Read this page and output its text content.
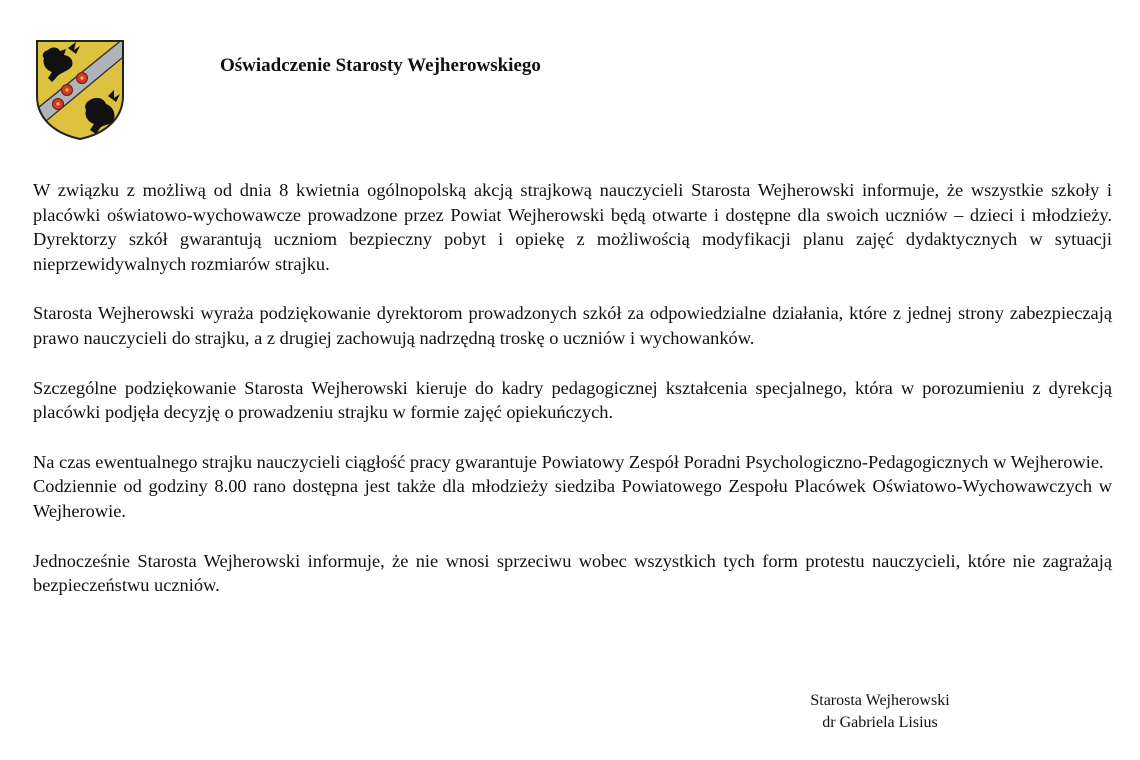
Oświadczenie Starosty Wejherowskiego

W związku z możliwą od dnia 8 kwietnia ogólnopolską akcją strajkową nauczycieli Starosta Wejherowski informuje, że wszystkie szkoły i placówki oświatowo-wychowawcze prowadzone przez Powiat Wejherowski będą otwarte i dostępne dla swoich uczniów – dzieci i młodzieży. Dyrektorzy szkół gwarantują uczniom bezpieczny pobyt i opiekę z możliwością modyfikacji planu zajęć dydaktycznych w sytuacji nieprzewidywalnych rozmiarów strajku.

Starosta Wejherowski wyraża podziękowanie dyrektorom prowadzonych szkół za odpowiedzialne działania, które z jednej strony zabezpieczają prawo nauczycieli do strajku, a z drugiej zachowują nadrzędną troskę o uczniów i wychowanków.

Szczególne podziękowanie Starosta Wejherowski kieruje do kadry pedagogicznej kształcenia specjalnego, która w porozumieniu z dyrekcją placówki podjęła decyzję o prowadzeniu strajku w formie zajęć opiekuńczych.

Na czas ewentualnego strajku nauczycieli ciągłość pracy gwarantuje Powiatowy Zespół Poradni Psychologiczno-Pedagogicznych w Wejherowie.

Codziennie od godziny 8.00 rano dostępna jest także dla młodzieży siedziba Powiatowego Zespołu Placówek Oświatowo-Wychowawczych w Wejherowie.

Jednocześnie Starosta Wejherowski informuje, że nie wnosi sprzeciwu wobec wszystkich tych form protestu nauczycieli, które nie zagrażają bezpieczeństwu uczniów.

Starosta Wejherowski
dr Gabriela Lisius
